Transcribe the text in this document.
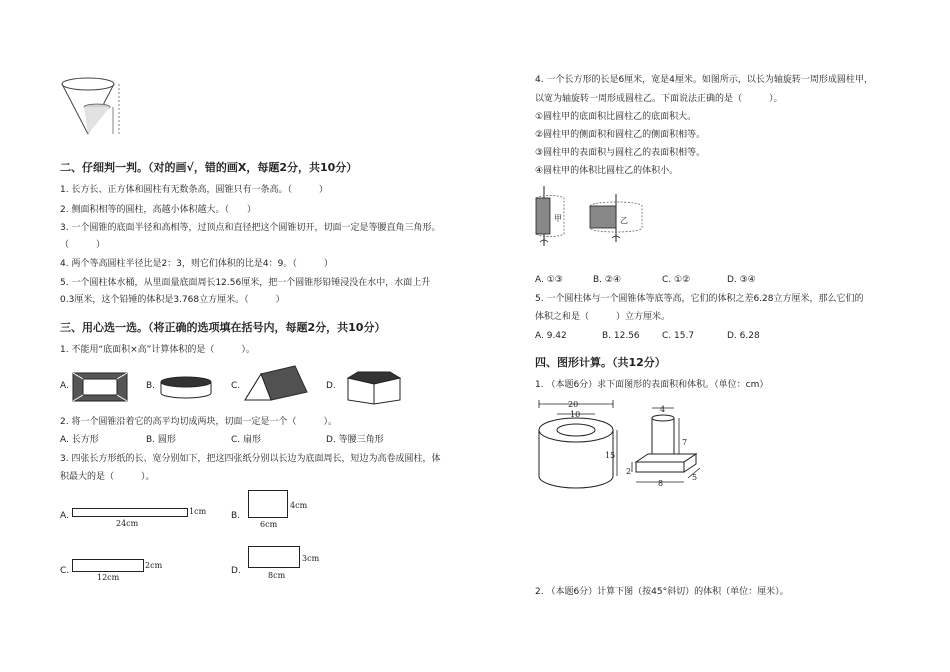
二、仔细判一判。（对的画√，错的画X，每题2分，共10分）
1. 长方长、正方体和圆柱有无数条高，圆锥只有一条高。（　　　）
2. 侧面积相等的圆柱，高越小体积越大。（　　）
3. 一个圆锥的底面半径和高相等，过顶点和直径把这个圆锥切开，切面一定是等腰直角三角形。
（　　　）
4. 两个等高圆柱半径比是2：3，则它们体积的比是4：9。（　　　）
5. 一个圆柱体水桶，从里面量底面周长12.56厘米，把一个圆锥形铅锤浸没在水中，水面上升
0.3厘米，这个铅锤的体积是3.768立方厘米。（　　　）
三、用心选一选。（将正确的选项填在括号内，每题2分，共10分）
1. 不能用“底面积×高”计算体积的是（　　　）。
A.	B.	C.	D.
2. 将一个圆锥沿着它的高平均切成两块，切面一定是一个（　　　）。
A. 长方形	B. 圆形	C. 扇形	D. 等腰三角形
3. 四张长方形纸的长、宽分别如下，把这四张纸分别以长边为底面周长，短边为高卷成圆柱，体
积最大的是（　　　）。
A.	1cm
24cm
B.
4cm
6cm
C.
2cm
12cm
D.
3cm
8cm
4. 一个长方形的长是6厘米，宽是4厘米。如图所示，以长为轴旋转一周形成圆柱甲，
以宽为轴旋转一周形成圆柱乙。下面说法正确的是（　　　）。
①圆柱甲的底面积比圆柱乙的底面积大。
②圆柱甲的侧面积和圆柱乙的侧面积相等。
③圆柱甲的表面积与圆柱乙的表面积相等。
④圆柱甲的体积比圆柱乙的体积小。
甲	乙
A. ①③	B. ②④	C. ①②	D. ③④
5. 一个圆柱体与一个圆锥体等底等高，它们的体积之差6.28立方厘米，那么它们的
体积之和是（　　　）立方厘米。
A. 9.42	B. 12.56 C. 15.7	D. 6.28
四、图形计算。（共12分）
1. （本题6分）求下面图形的表面积和体积。（单位：cm）
20
10
15
4
7
2
8
5
2. （本题6分）计算下图（按45°斜切）的体积（单位：厘米）。
